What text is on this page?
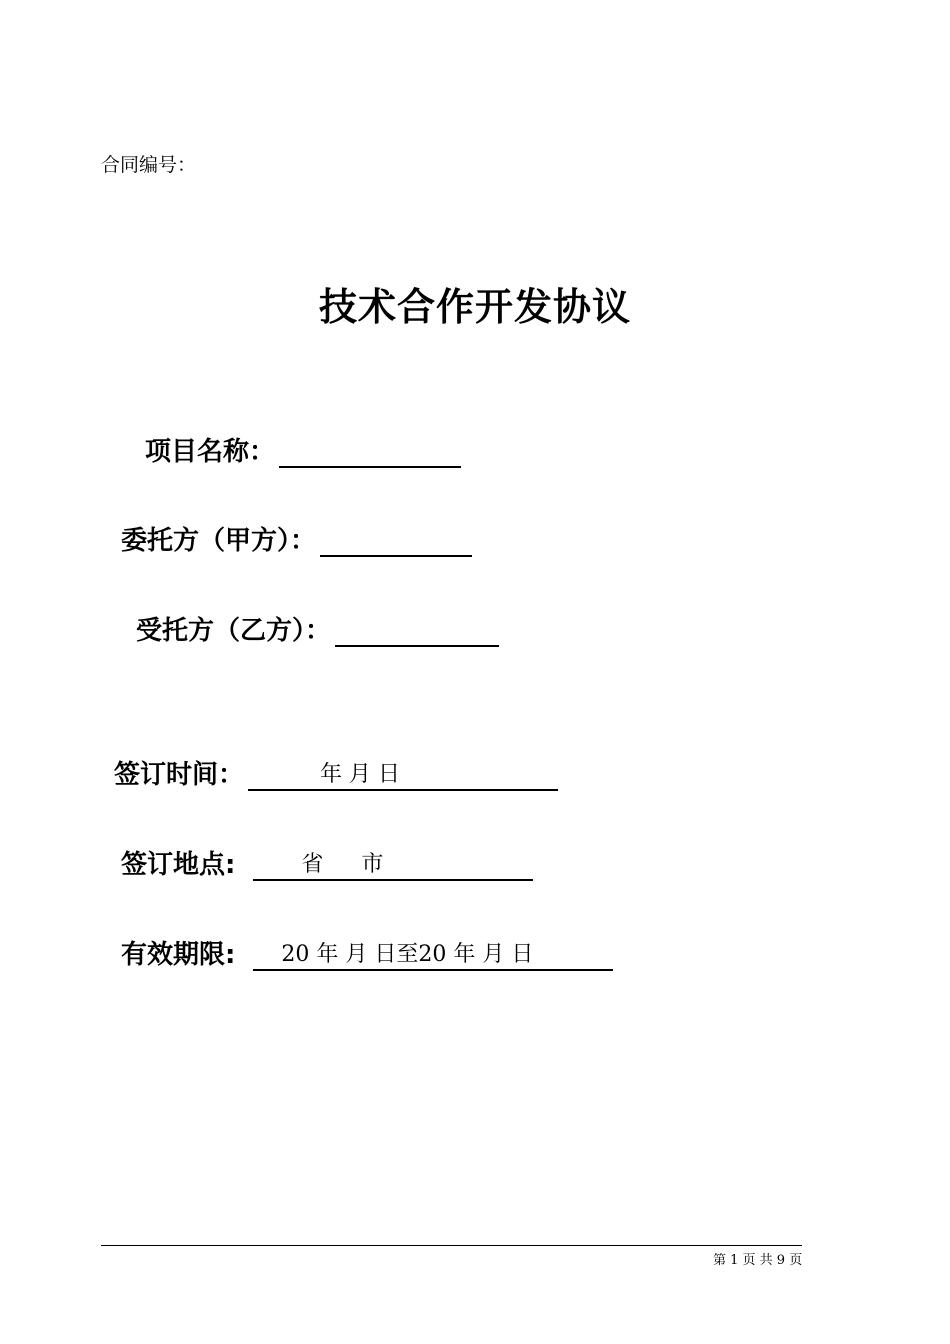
合同编号：
技术合作开发协议
项目名称：
委托方（甲方）：
受托方（乙方）：
签订时间：	年 月 日
签订地点:	省 市
有效期限: 20 年 月 日至20 年 月 日
第 1 页 共 9 页
